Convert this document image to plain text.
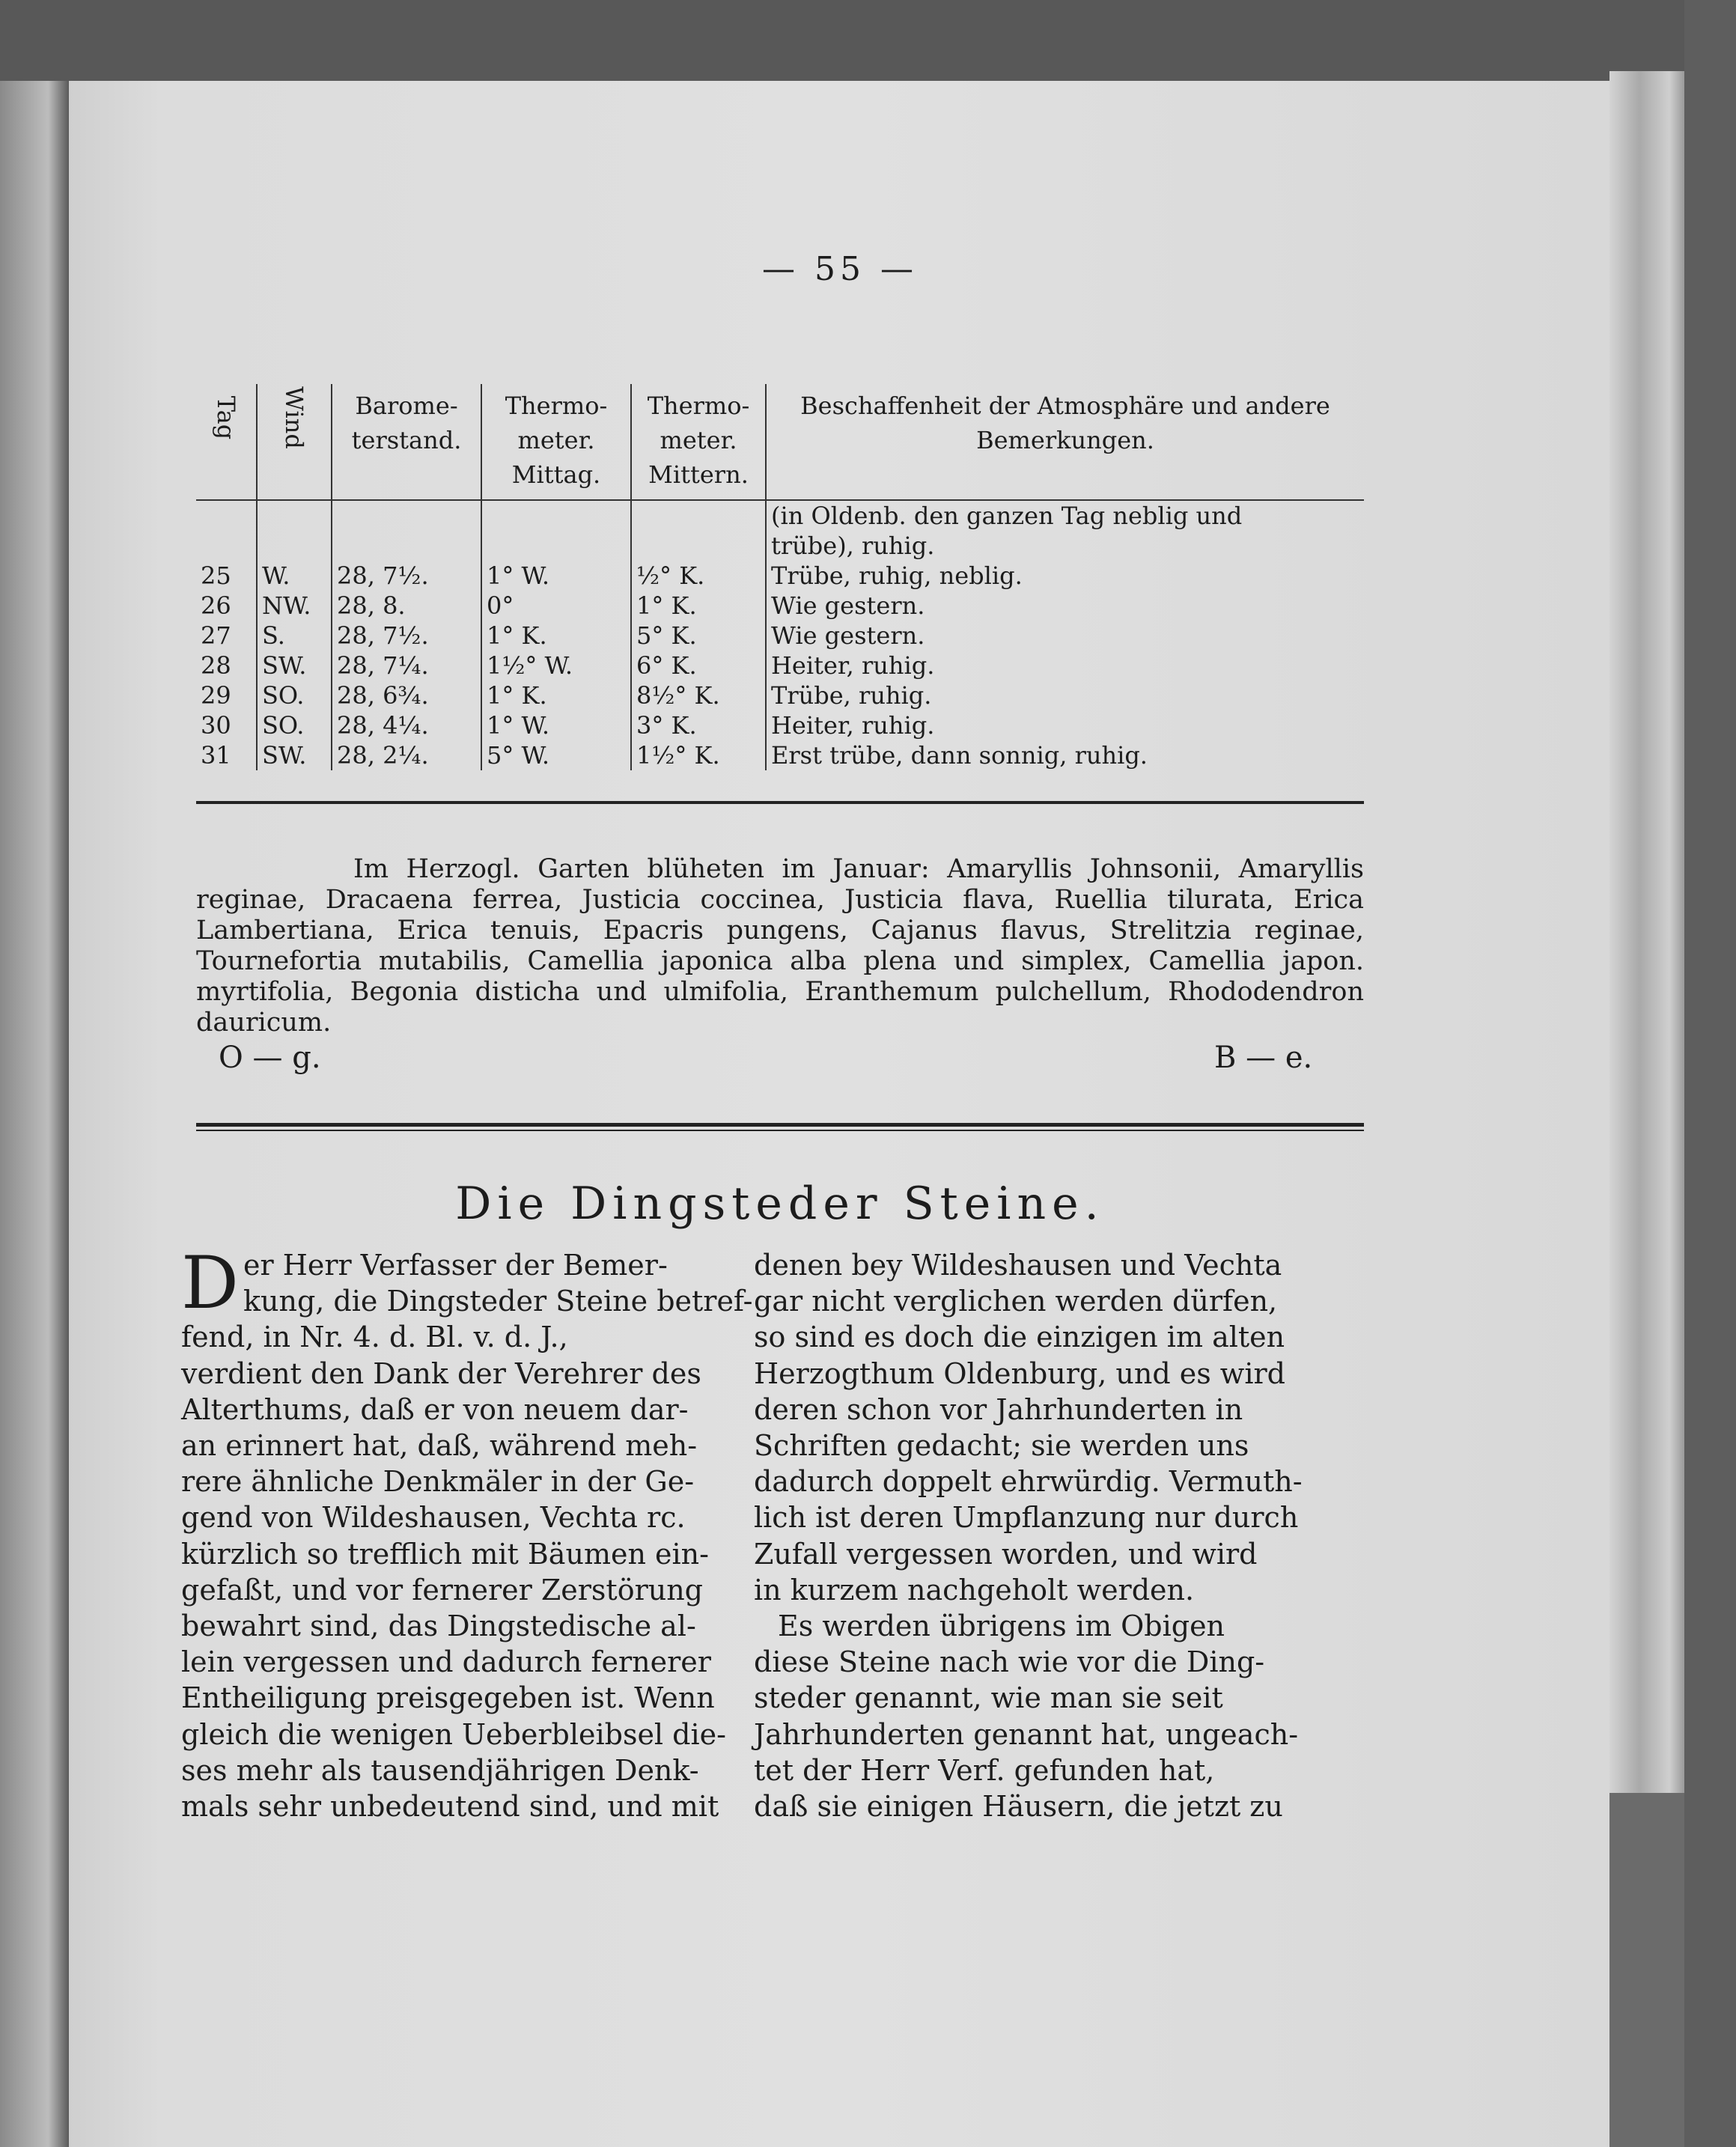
— 55 —
Tag	Wind	Barome- terstand.	Thermo- meter. Mittag.	Thermo- meter. Mittern.	Beschaffenheit der Atmosphäre und andere Bemerkungen.
					(in Oldenb. den ganzen Tag neblig und
					trübe), ruhig.
25	W.	28, 7½.	1° W.	½° K.	Trübe, ruhig, neblig.
26	NW.	28, 8.	0°	1° K.	Wie gestern.
27	S.	28, 7½.	1° K.	5° K.	Wie gestern.
28	SW.	28, 7¼.	1½° W.	6° K.	Heiter, ruhig.
29	SO.	28, 6¾.	1° K.	8½° K.	Trübe, ruhig.
30	SO.	28, 4¼.	1° W.	3° K.	Heiter, ruhig.
31	SW.	28, 2¼.	5° W.	1½° K.	Erst trübe, dann sonnig, ruhig.

Im Herzogl. Garten blüheten im Januar: Amaryllis Johnsonii, Amaryllis reginae, Dracaena ferrea, Justicia coccinea, Justicia flava, Ruellia tilurata, Erica Lambertiana, Erica tenuis, Epacris pungens, Cajanus flavus, Strelitzia reginae, Tournefortia mutabilis, Camellia japonica alba plena und simplex, Camellia japon. myrtifolia, Begonia disticha und ulmifolia, Eranthemum pulchellum, Rhododendron dauricum.

O — g.	B — e.
Die Dingsteder Steine.
D er Herr Verfasser der Bemer-
kung, die Dingsteder Steine betref-
fend, in Nr. 4. d. Bl. v. d. J.,
verdient den Dank der Verehrer des
Alterthums, daß er von neuem dar-
an erinnert hat, daß, während meh-
rere ähnliche Denkmäler in der Ge-
gend von Wildeshausen, Vechta rc.
kürzlich so trefflich mit Bäumen ein-
gefaßt, und vor fernerer Zerstörung
bewahrt sind, das Dingstedische al-
lein vergessen und dadurch fernerer
Entheiligung preisgegeben ist. Wenn
gleich die wenigen Ueberbleibsel die-
ses mehr als tausendjährigen Denk-
mals sehr unbedeutend sind, und mit
denen bey Wildeshausen und Vechta
gar nicht verglichen werden dürfen,
so sind es doch die einzigen im alten
Herzogthum Oldenburg, und es wird
deren schon vor Jahrhunderten in
Schriften gedacht; sie werden uns
dadurch doppelt ehrwürdig. Vermuth-
lich ist deren Umpflanzung nur durch
Zufall vergessen worden, und wird
in kurzem nachgeholt werden.
Es werden übrigens im Obigen
diese Steine nach wie vor die Ding-
steder genannt, wie man sie seit
Jahrhunderten genannt hat, ungeach-
tet der Herr Verf. gefunden hat,
daß sie einigen Häusern, die jetzt zu
